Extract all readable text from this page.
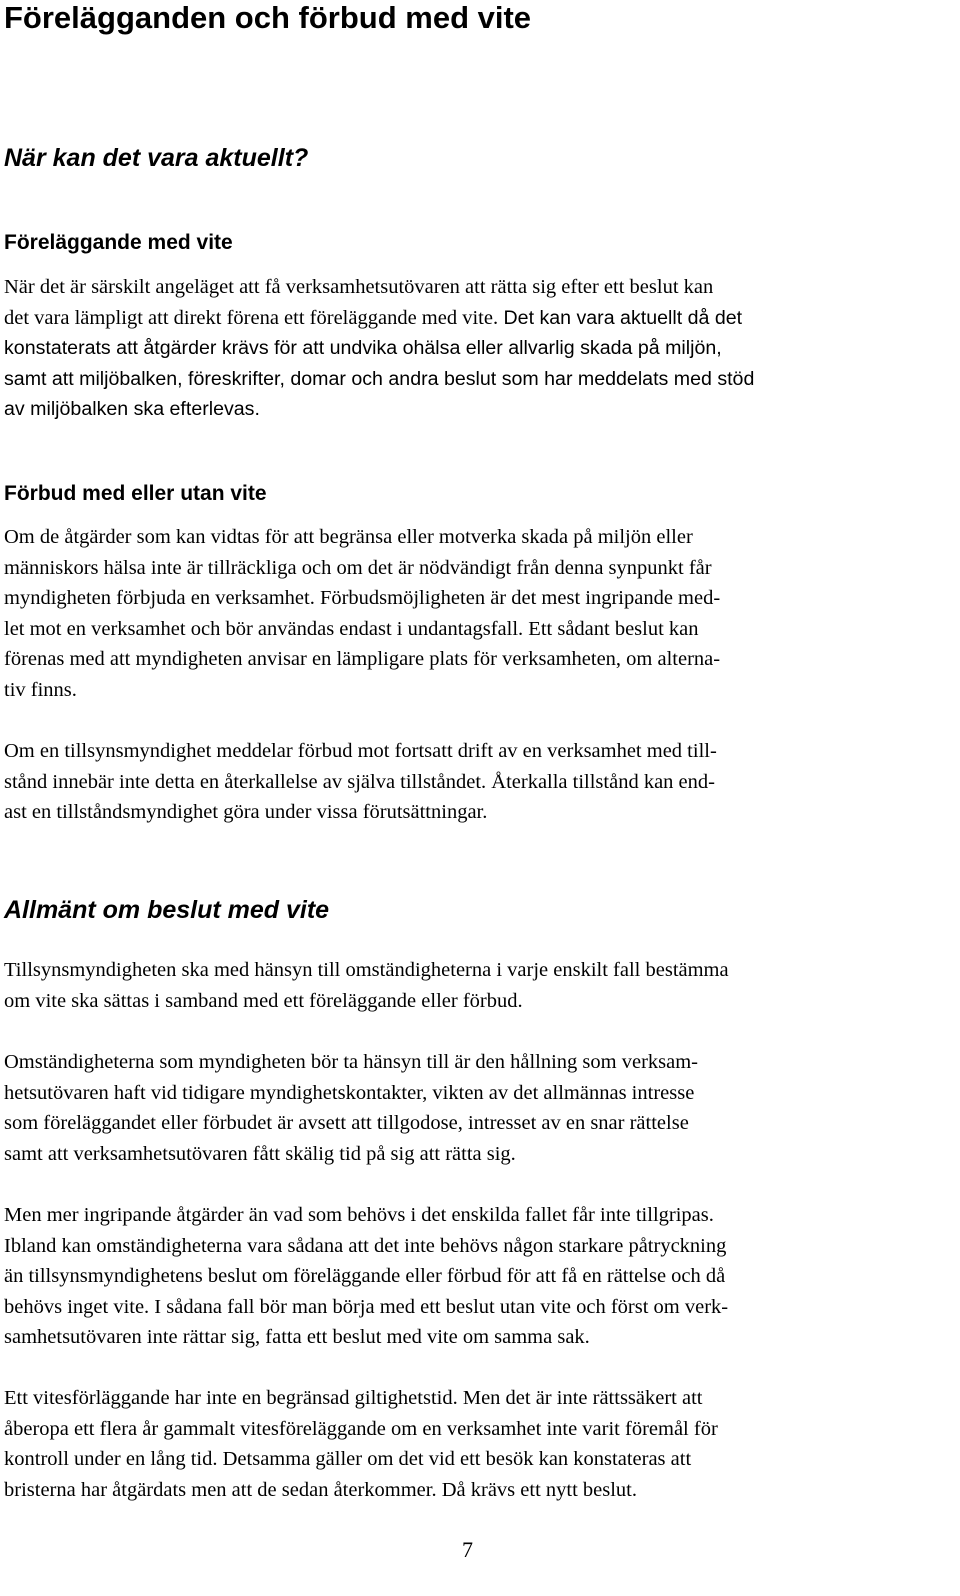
Förelägganden och förbud med vite
När kan det vara aktuellt?
Föreläggande med vite
När det är särskilt angeläget att få verksamhetsutövaren att rätta sig efter ett beslut kan
det vara lämpligt att direkt förena ett föreläggande med vite. Det kan vara aktuellt då det
konstaterats att åtgärder krävs för att undvika ohälsa eller allvarlig skada på miljön,
samt att miljöbalken, föreskrifter, domar och andra beslut som har meddelats med stöd
av miljöbalken ska efterlevas.
Förbud med eller utan vite
Om de åtgärder som kan vidtas för att begränsa eller motverka skada på miljön eller
människors hälsa inte är tillräckliga och om det är nödvändigt från denna synpunkt får
myndigheten förbjuda en verksamhet. Förbudsmöjligheten är det mest ingripande med-
let mot en verksamhet och bör användas endast i undantagsfall. Ett sådant beslut kan
förenas med att myndigheten anvisar en lämpligare plats för verksamheten, om alterna-
tiv finns.
Om en tillsynsmyndighet meddelar förbud mot fortsatt drift av en verksamhet med till-
stånd innebär inte detta en återkallelse av själva tillståndet. Återkalla tillstånd kan end-
ast en tillståndsmyndighet göra under vissa förutsättningar.
Allmänt om beslut med vite
Tillsynsmyndigheten ska med hänsyn till omständigheterna i varje enskilt fall bestämma
om vite ska sättas i samband med ett föreläggande eller förbud.
Omständigheterna som myndigheten bör ta hänsyn till är den hållning som verksam-
hetsutövaren haft vid tidigare myndighetskontakter, vikten av det allmännas intresse
som föreläggandet eller förbudet är avsett att tillgodose, intresset av en snar rättelse
samt att verksamhetsutövaren fått skälig tid på sig att rätta sig.
Men mer ingripande åtgärder än vad som behövs i det enskilda fallet får inte tillgripas.
Ibland kan omständigheterna vara sådana att det inte behövs någon starkare påtryckning
än tillsynsmyndighetens beslut om föreläggande eller förbud för att få en rättelse och då
behövs inget vite. I sådana fall bör man börja med ett beslut utan vite och först om verk-
samhetsutövaren inte rättar sig, fatta ett beslut med vite om samma sak.
Ett vitesförläggande har inte en begränsad giltighetstid. Men det är inte rättssäkert att
åberopa ett flera år gammalt vitesföreläggande om en verksamhet inte varit föremål för
kontroll under en lång tid. Detsamma gäller om det vid ett besök kan konstateras att
bristerna har åtgärdats men att de sedan återkommer. Då krävs ett nytt beslut.
7
